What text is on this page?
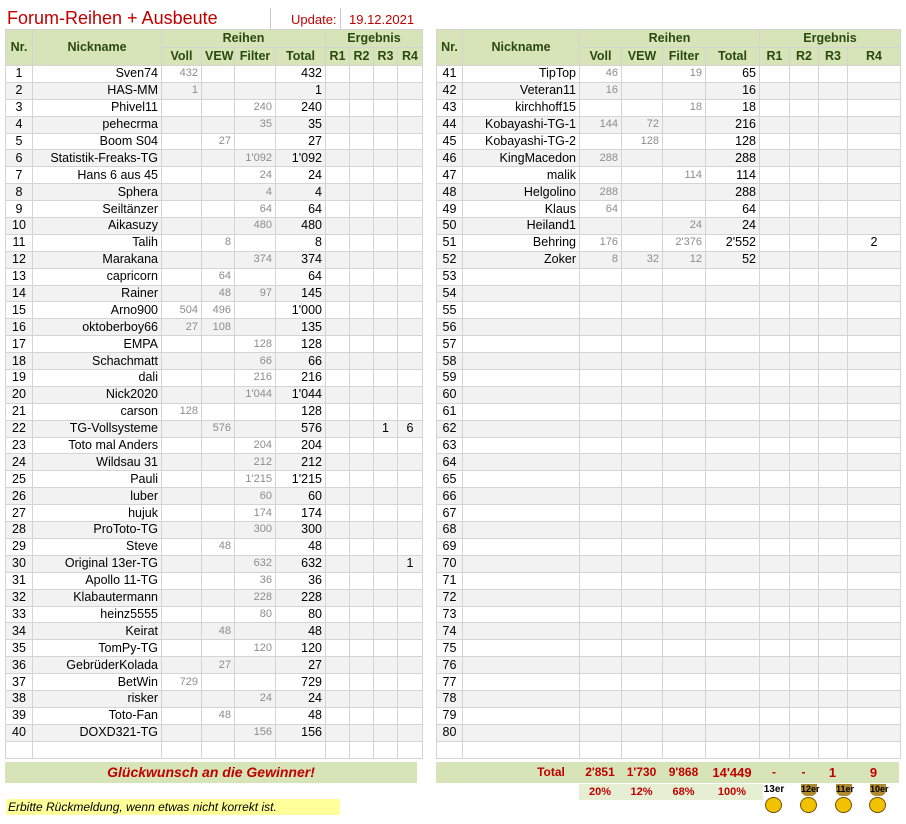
Forum-Reihen + Ausbeute	Update: 19.12.2021
Nr.	Nickname	Reihen				Ergebnis			
		Voll	VEW	Filter	Total	R1	R2	R3	R4
1	Sven74	432			432				
2	HAS-MM	1			1				
3	Phivel11			240	240				
4	pehecrma			35	35				
5	Boom S04		27		27				
6	Statistik-Freaks-TG			1'092	1'092				
7	Hans 6 aus 45			24	24				
8	Sphera			4	4				
9	Seiltänzer			64	64				
10	Aikasuzy			480	480				
11	Talih		8		8				
12	Marakana			374	374				
13	capricorn		64		64				
14	Rainer		48	97	145				
15	Arno900	504	496		1'000				
16	oktoberboy66	27	108		135				
17	EMPA			128	128				
18	Schachmatt			66	66				
19	dali			216	216				
20	Nick2020			1'044	1'044				
21	carson	128			128				
22	TG-Vollsysteme		576		576			1	6
23	Toto mal Anders			204	204				
24	Wildsau 31			212	212				
25	Pauli			1'215	1'215				
26	luber			60	60				
27	hujuk			174	174				
28	ProToto-TG			300	300				
29	Steve		48		48				
30	Original 13er-TG			632	632				1
31	Apollo 11-TG			36	36				
32	Klabautermann			228	228				
33	heinz5555			80	80				
34	Keirat		48		48				
35	TomPy-TG			120	120				
36	GebrüderKolada		27		27				
37	BetWin	729			729				
38	risker			24	24				
39	Toto-Fan		48		48				
40	DOXD321-TG			156	156				

Nr.	Nickname	Reihen				Ergebnis			
		Voll	VEW	Filter	Total	R1	R2	R3	R4
41	TipTop	46		19	65				
42	Veteran11	16			16				
43	kirchhoff15			18	18				
44	Kobayashi-TG-1	144	72		216				
45	Kobayashi-TG-2		128		128				
46	KingMacedon	288			288				
47	malik			114	114				
48	Helgolino	288			288				
49	Klaus	64			64				
50	Heiland1			24	24				
51	Behring	176		2'376	2'552				2
52	Zoker	8	32	12	52				
53									
54									
55									
56									
57									
58									
59									
60									
61									
62									
63									
64									
65									
66									
67									
68									
69									
70									
71									
72									
73									
74									
75									
76									
77									
78									
79									
80									

Glückwunsch an die Gewinner!	Total	2'851 1'730	9'868	14'449	-	-	1	9
20%	12%	68%	100%
Erbitte Rückmeldung, wenn etwas nicht korrekt ist.
13er 12er 11er 10er
